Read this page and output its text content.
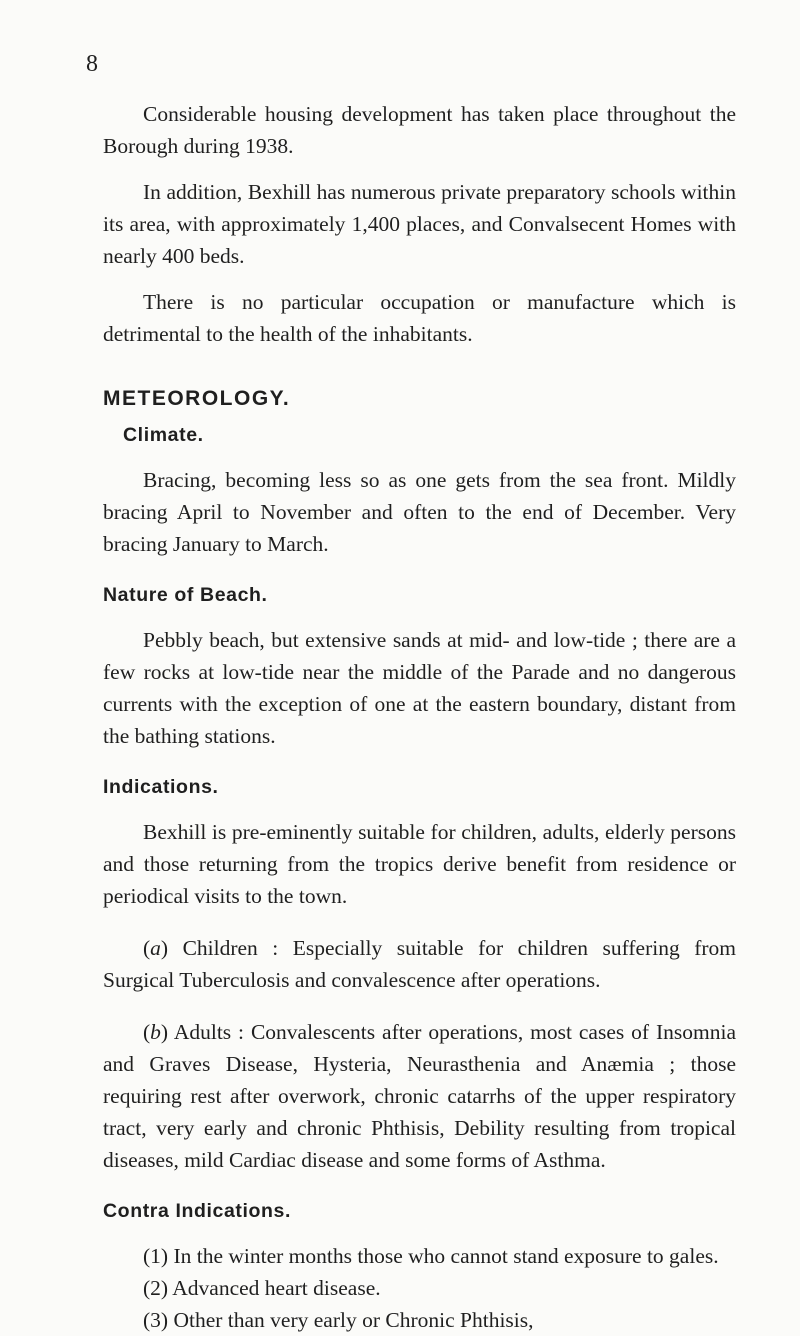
8

Considerable housing development has taken place throughout the Borough during 1938.

In addition, Bexhill has numerous private preparatory schools within its area, with approximately 1,400 places, and Convalsecent Homes with nearly 400 beds.

There is no particular occupation or manufacture which is detrimental to the health of the inhabitants.

METEOROLOGY.
Climate.

Bracing, becoming less so as one gets from the sea front. Mildly bracing April to November and often to the end of December. Very bracing January to March.

Nature of Beach.

Pebbly beach, but extensive sands at mid- and low-tide ; there are a few rocks at low-tide near the middle of the Parade and no dangerous currents with the exception of one at the eastern boundary, distant from the bathing stations.

Indications.

Bexhill is pre-eminently suitable for children, adults, elderly persons and those returning from the tropics derive benefit from residence or periodical visits to the town.

(a) Children : Especially suitable for children suffering from Surgical Tuberculosis and convalescence after operations.

(b) Adults : Convalescents after operations, most cases of Insomnia and Graves Disease, Hysteria, Neurasthenia and Anæmia ; those requiring rest after overwork, chronic catarrhs of the upper respiratory tract, very early and chronic Phthisis, Debility resulting from tropical diseases, mild Cardiac disease and some forms of Asthma.

Contra Indications.

(1) In the winter months those who cannot stand exposure to gales.

(2) Advanced heart disease.

(3) Other than very early or Chronic Phthisis,
